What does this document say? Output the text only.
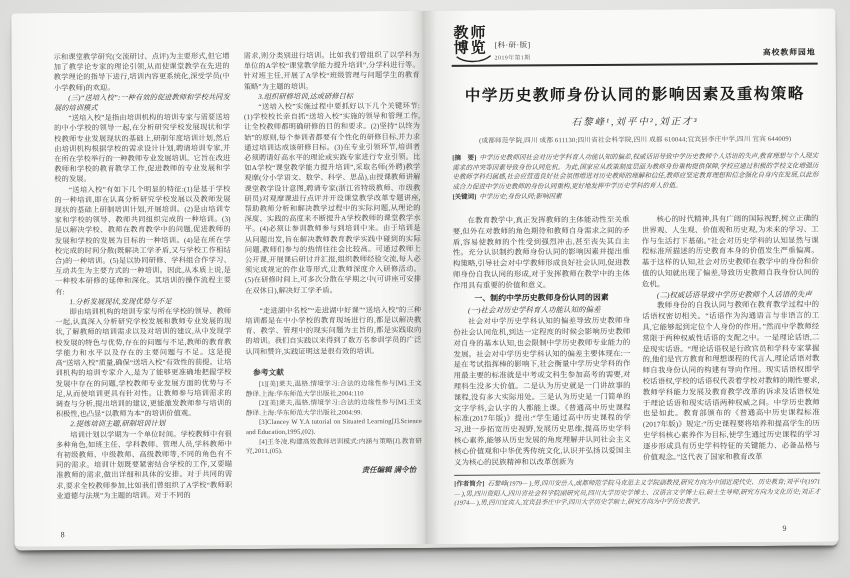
示和课堂教学研究(交流研讨、点评)为主要形式,但它增加了教学论专家的理论引领,从而使课堂教学在先进的教学理论的指导下进行,培训内容更系统化,深受学员(中小学教师)的欢迎。

(三)“送培入校”:一种有效的促进教师和学校共同发展的培训模式

“送培入校”是指由培训机构的培训专家与需要送培的中小学校的领导一起,在分析研究学校发展现状和学校教师专业发展现状的基础上,研制年度培训计划,然后由培训机构根据学校的需求设计计划,聘请培训专家,并在所在学校举行的一种教师专业发展培训。它旨在改进教师和学校的教育教学工作,促进教师的专业发展和学校的发展。

“送培入校”有如下几个明显的特征:(1)是基于学校的一种培训,即在认真分析研究学校发展以及教师发展现状的基础上研制培训计划,开展培训。(2)是由培训专家和学校的领导、教师共同组织完成的一种培训。(3)是以解决学校、教师在教育教学中的问题,促进教师的发展和学校的发展为目标的一种培训。(4)是在所在学校完成的时间分散(既解决工学矛盾,又与学校工作相结合)的一种培训。(5)是以协同研修、学科组合作学习、互动共生为主要方式的一种培训。因此,从本质上说,是一种校本研修的延伸和深化。其培训的操作流程主要有:

1.分析发展现状,发现优势与不足

即由培训机构的培训专家与所在学校的领导、教师一起,认真深入分析研究学校发展和教师专业发展的现状,了解教师的培训需求以及对培训的建议,从中发现学校发展的特色与优势,存在的问题与不足,教师的教育教学能力和水平以及存在的主要问题与不足。这是提高“送培入校”质量,确保“送培入校”有效性的前提。让培训机构的培训专家介入,是为了能够更准确地把握学校发展中存在的问题,学校教师专业发展方面的优势与不足,从而使培训更具有针对性。让教师参与培训需求的调查与分析,提出培训的建议,更能激发教师参与培训的积极性,也凸显“以教师为本”的培训价值观。

2.提炼培训主题,研制培训计划

培训计划以学期为一个单位时间。学校教师中有很多种角色,如班主任、学科教师、管理人员,学科教师中有初级教师、中级教师、高级教师等,不同的角色有不同的需求。培训计划既要紧密结合学校的工作,又要瞄准教师的需求,做出详细和具体的安排。对于共同的需求,要求全校教师参加,比如我们曾组织了A学校“教师职业道德与法规”为主题的培训。对于不同的

需求,则分类别进行培训。比如我们曾组织了以学科为单位的A学校“课堂教学能力提升培训”,分学科进行等。针对班主任,开展了A学校“班级管理与问题学生的教育策略”为主题的培训。

3.组织研修培训,达成研修目标

“送培入校”实施过程中要抓好以下几个关键环节:(1)学校校长亲自抓“送培入校”实施的领导和管理工作,让全校教师都明确研修的目的和要求。(2)坚持“以终为始”的原则,每个参训者都要有个性化的研修目标,并力求通过培训达成该研修目标。(3)在专业引领环节,培训者必须聘请好高水平的理论或实践专家进行专业引领。比如A学校“课堂教学能力提升培训”,采取名师(外聘)教学观摩(分小学语文、数学、科学、思品),由授课教师讲解课堂教学设计意图,聘请专家(浙江省特级教师、市级教研员)对观摩课进行点评并开设课堂教学改革专题讲座,帮助教师分析和解决教学过程中的实际问题,从理论的深度、实践的高度来不断提升A学校教师的课堂教学水平。(4)必须让参训教师参与到培训中来。由于培训是从问题出发,旨在解决教师教育教学实践中碰到的实际问题,教师们参与的热情往往会比较高。可通过教师上公开课,开展课后研讨并汇报,组织教师经验交流,每人必须完成规定的作业等形式,让教师深度介入研修活动。(5)在研修时间上,可多次分散在学期之中(可讲座可安排在双休日),解决好工学矛盾。

“走进湖中名校”“走进湖中好课”“送培入校”的三种培训都是在中小学校的教育现场进行的,都是以解决教育、教学、管理中的现实问题为主旨的,都是实践取向的培训。我们自实践以来得到了数万名参训学员的广泛认同和赞许,实践证明这是很有效的培训。

参考文献

[1][美]莱夫,温格.情境学习:合法的边缘性参与[M].王文静译.上海:华东师范大学出版社,2004:110

[2][美]莱夫,温格.情境学习:合法的边缘性参与[M].王文静译.上海:华东师范大学出版社,2004:99.

[3]Clancey W Y.A tutorial on Situated Learning[J].Science and Education,1995,(02).

[4]王冬凌.构建高效教师培训模式:内涵与策略[J].教育研究,2011,(05).

责任编辑 满令怡

8
教师
博览 [科·研·版]
2019年第1期
高校教师园地
中学历史教师身份认同的影响因素及重构策略
石黎峰¹,刘平中²,刘正才³
(成都师范学院,四川 成都 611130;四川省社会科学院,四川 成都 610044;宜宾县李庄中学,四川 宜宾 644009)
[摘　要] 中学历史教师因社会对历史学科育人功能认知的偏差,权威话语导致中学历史教师个人话语的失声,教育理想与个人现实需求的冲突等因素导致身份认同危机。为此,国家应从政策制度层面为教师身份重构提供保障,学校应通过积极的学校文化增强历史教师学科归属感,社会应营造良好社会氛围增进对历史教师的理解和信任,教师应坚定教育理想和信念强化自身内在发展,以此形成合力促进中学历史教师的身份认同重构,更好地发挥中学历史学科的育人价值。
[关键词] 中学历史;身份认同;影响因素

在教育教学中,真正发挥教师的主体能动性至关重要,但外在对教师的角色期待和教师自身需求之间的矛盾,容易使教师的个性受到强烈冲击,甚至丧失其自主性。充分认识制约教师身份认同的影响因素并提出重构策略,引导社会对中学教师形成良好社会认同,促进教师身份自我认同的形成,对于发挥教师在教学中的主体作用具有重要的价值和意义。

一、制约中学历史教师身份认同的因素

(一)社会对历史学科育人功能认知的偏差

社会对中学历史学科认知的偏差导致历史教师身份社会认同危机,到达一定程度的时候会影响历史教师对自身的基本认知,也会限制中学历史教师专业能力的发展。社会对中学历史学科认知的偏差主要体现在:一是在考试指挥棒的影响下,社会衡量中学历史学科的作用最主要的标准就是中考或文科生参加高考的需要,对理科生没多大价值。二是认为历史就是一门讲故事的课程,没有多大实际用处。三是认为历史是一门简单的文字学科,会认字的人都能上课。《普通高中历史课程标准(2017年版)》提出:“学生通过高中历史课程的学习,进一步拓宽历史视野,发展历史思维,提高历史学科核心素养,能够从历史发展的角度理解并认同社会主义核心价值观和中华优秀传统文化,认识并弘扬以爱国主义为核心的民族精神和以改革创新为

核心的时代精神,具有广阔的国际视野,树立正确的世界观、人生观、价值观和历史观,为未来的学习、工作与生活打下基础。”社会对历史学科的认知显然与课程标准所描述的历史教育本身的价值发生严重偏离。基于这样的认知,社会对历史教师在教学中的身份和价值的认知就出现了偏差,导致历史教师自我身份认同的危机。

(二)权威话语导致中学历史教师个人话语的失声

教师身份的自我认同与教师在教育教学过程中的话语权密切相关。“话语作为沟通语言与非语言的工具,它能够起到定位个人身份的作用。”然而中学教师经常限于两种权威性话语的支配之中。一是理论话语,二是现实话语。“理论话语权是行政官员和学科专家掌握的,他们是官方教育和理想课程的代言人,理论话语对教师自我身份认同的构建有导向作用。现实话语权即学校话语权,学校的话语权代表着学校对教师的刚性要求,教师学科能力发展及教育教学改革的诉求及话语权处于理论话语和现实话语两种权威之间。中学历史教师也是如此。教育部颁布的《普通高中历史课程标准(2017年版)》规定:“历史课程要将培养和提高学生的历史学科核心素养作为目标,使学生通过历史课程的学习逐步形成具有历史学科特征的关键能力、必备品格与价值观念。”这代表了国家和教育改革

[作者简介] 石黎峰(1979— ),男,四川安岳人,成都师范学院马克思主义学院副教授,研究方向为中国近现代史、历史教育;刘平中(1971— ),男,四川资阳人,四川省社会科学院副研究员,四川大学历史学博士、汉语言文学博士后,硕士生导师,研究方向为文化历史;刘正才(1974— ),男,四川宜宾人,宜宾县李庄中学,四川大学历史学硕士,研究方向为中学历史教学。
9
